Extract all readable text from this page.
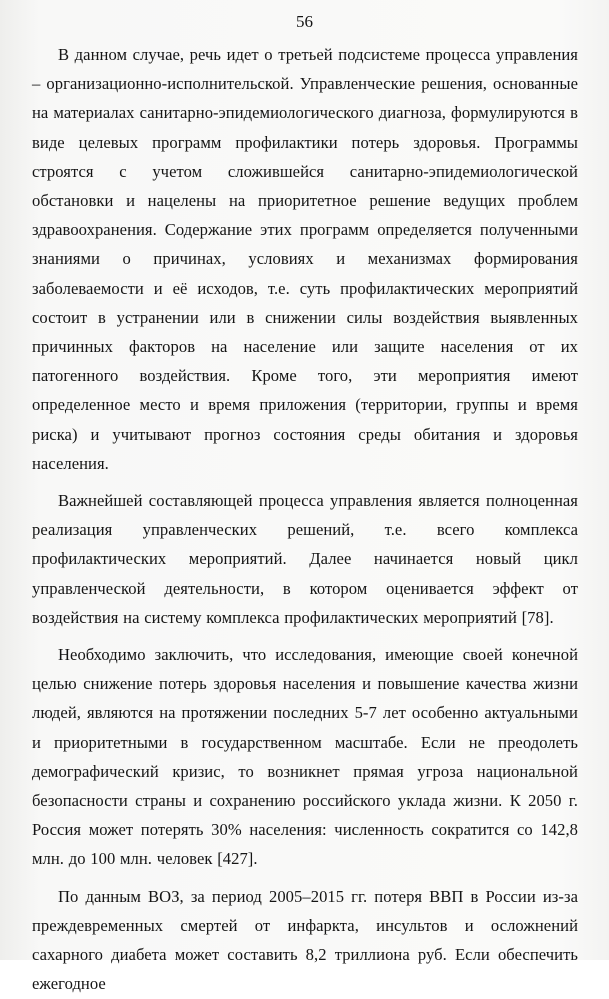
56

В данном случае, речь идет о третьей подсистеме процесса управления – организационно-исполнительской. Управленческие решения, основанные на материалах санитарно-эпидемиологического диагноза, формулируются в виде целевых программ профилактики потерь здоровья. Программы строятся с учетом сложившейся санитарно-эпидемиологической обстановки и нацелены на приоритетное решение ведущих проблем здравоохранения. Содержание этих программ определяется полученными знаниями о причинах, условиях и механизмах формирования заболеваемости и её исходов, т.е. суть профилактических мероприятий состоит в устранении или в снижении силы воздействия выявленных причинных факторов на население или защите населения от их патогенного воздействия. Кроме того, эти мероприятия имеют определенное место и время приложения (территории, группы и время риска) и учитывают прогноз состояния среды обитания и здоровья населения.

Важнейшей составляющей процесса управления является полноценная реализация управленческих решений, т.е. всего комплекса профилактических мероприятий. Далее начинается новый цикл управленческой деятельности, в котором оценивается эффект от воздействия на систему комплекса профилактических мероприятий [78].

Необходимо заключить, что исследования, имеющие своей конечной целью снижение потерь здоровья населения и повышение качества жизни людей, являются на протяжении последних 5-7 лет особенно актуальными и приоритетными в государственном масштабе. Если не преодолеть демографический кризис, то возникнет прямая угроза национальной безопасности страны и сохранению российского уклада жизни. К 2050 г. Россия может потерять 30% населения: численность сократится со 142,8 млн. до 100 млн. человек [427].

По данным ВОЗ, за период 2005–2015 гг. потеря ВВП в России из-за преждевременных смертей от инфаркта, инсультов и осложнений сахарного диабета может составить 8,2 триллиона руб. Если обеспечить ежегодное
